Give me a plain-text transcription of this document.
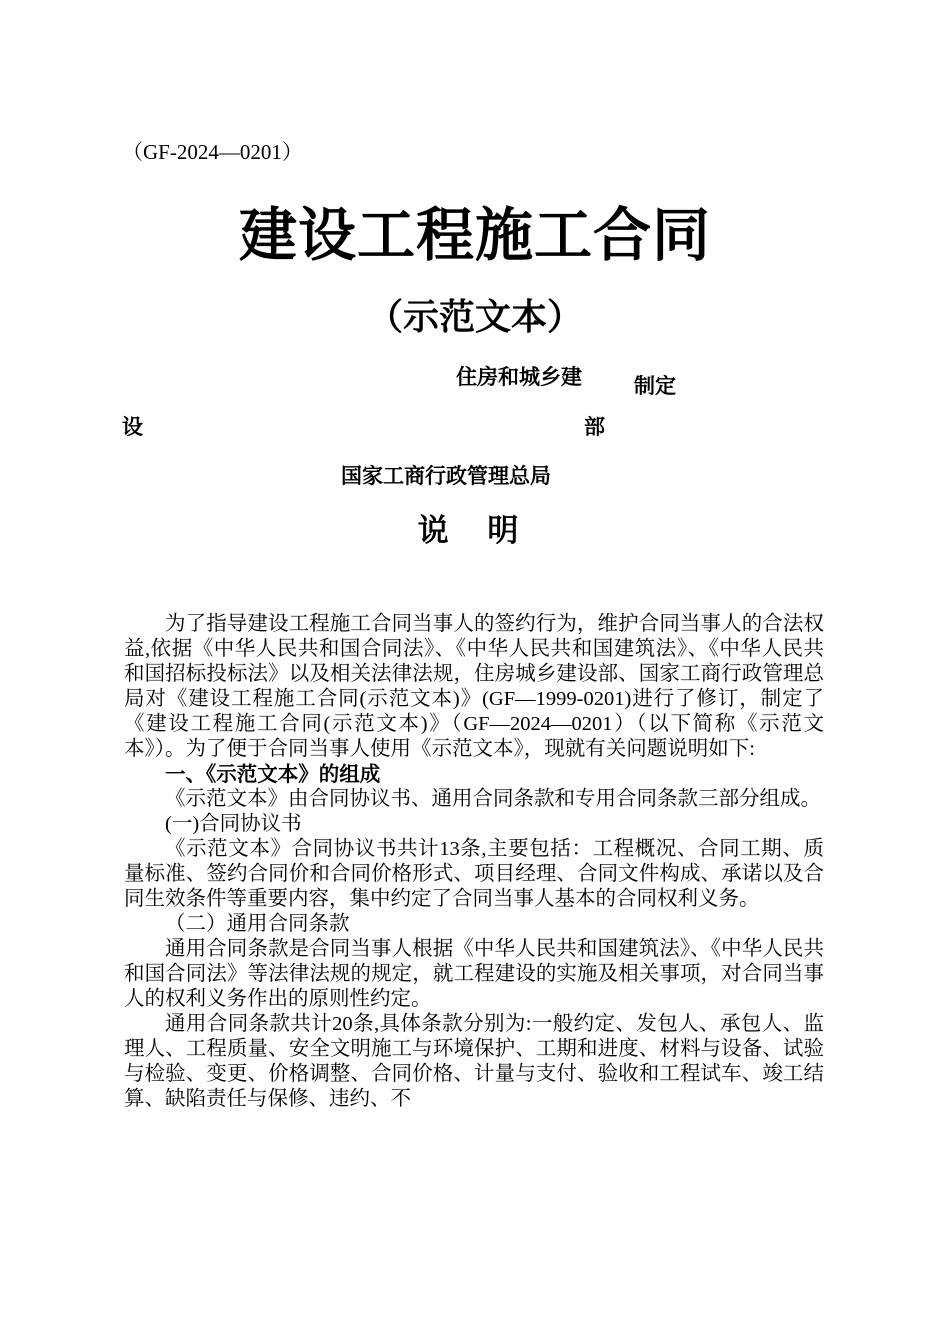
（GF-2024—0201）
建设工程施工合同
（示范文本）
住房和城乡建 制定
设	部
国家工商行政管理总局
说 明

为了指导建设工程施工合同当事人的签约行为，维护合同当事人的合法权益,依据《中华人民共和国合同法》、《中华人民共和国建筑法》、《中华人民共和国招标投标法》以及相关法律法规，住房城乡建设部、国家工商行政管理总局对《建设工程施工合同(示范文本)》(GF—1999-0201)进行了修订，制定了《建设工程施工合同(示范文本)》（GF—2024—0201）（以下简称《示范文本》）。为了便于合同当事人使用《示范文本》，现就有关问题说明如下:

一、《示范文本》的组成

《示范文本》由合同协议书、通用合同条款和专用合同条款三部分组成。

(一)合同协议书

《示范文本》合同协议书共计13条,主要包括：工程概况、合同工期、质量标准、签约合同价和合同价格形式、项目经理、合同文件构成、承诺以及合同生效条件等重要内容，集中约定了合同当事人基本的合同权利义务。

（二）通用合同条款

通用合同条款是合同当事人根据《中华人民共和国建筑法》、《中华人民共和国合同法》等法律法规的规定，就工程建设的实施及相关事项，对合同当事人的权利义务作出的原则性约定。

通用合同条款共计20条,具体条款分别为:一般约定、发包人、承包人、监理人、工程质量、安全文明施工与环境保护、工期和进度、材料与设备、试验与检验、变更、价格调整、合同价格、计量与支付、验收和工程试车、竣工结算、缺陷责任与保修、违约、不
